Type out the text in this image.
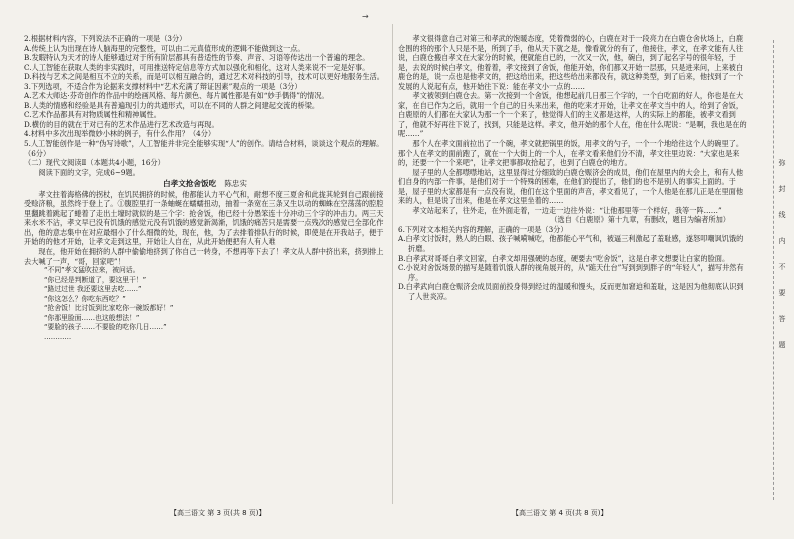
→

2.根据材料内容，下列说法不正确的一项是（3分）

A.传统上认为出现在诗人脑海里的完整性，可以由二元真值形成的逻辑不能做到这一点。

B.发暇特认为天才的诗人能够通过对于所有阶层都具有普适性的节奏、声音、习语等传达出一个普遍的理念。

C.人工智能在获取人类的非实践时，可用推送特定信息等方式加以强化和相化，这对人类来说不一定是好事。

D.科技与艺术之间是相互不立的关系，而是可以相互融合的，通过艺术对科技的引导，技术可以更好地服务生活。

3.下列选项，不适合作为论据来支撑材料中“艺术充满了辩证因素”观点的一项是（3分）

A.艺术大师达·芬奇创作的作品中的绘画风格、每片颜色、每片属性都是有如“妙手偶得”的情况。

B.人类的情感和经验是具有普遍现引力的共通形式，可以在不同的人群之间建起交流的桥梁。

C.艺术作品都具有对物质属性和精神属性。

D.横仿的目的就在于对已有的艺术作品进行艺术改造与再现。

4.材料中多次出现举微妙小林的例子，有什么作用？（4分）

5.人工智能创作是一种“伪写诗歌”，人工智能并非完全能够实现“人”的创作。请结合材料，谈谈这个观点的理解。（6分）

（二）现代文阅读Ⅱ（本题共4小题，16分）

阅读下面的文字，完成6~9题。

白孝文抢舍饭吃 陈忠实

孝文拄着海格佛的拐杖，在饥民拥挤的时候，他都能认力平心气和，耐想不度三夏舍和此拢其轮到自己跟前接受赊济粮，虽然终于登上了。①腹腔里打一条蚰蜒在蠕蠕扭动，抽着一条宽在三条又生以动的蜘蛛在空荡荡的腔腔里翻跳着跳起了蜷着了走出土壕时就似的是三个字：抢舍饭，他已经十分愚笨连十分冲动三个字的冲击力。两三天来水米不沾，孝文早已没有饥饿的感觉元没有饥饿的感觉新渴渐，饥饿的痛苦只是需要一点残次的感觉已全部化作出，他的意志集中在对应最细小了什么细微的处，现在，他，为了去排着排队行的时候，即使是在开我站子，便于开始的的他才开始，让孝文走到这里，开始让人自在，从此开始便把有人有人难

现在，他开始在拥挤的人群中偷偷地挤到了你自己一转身，不想再等下去了！孝文从人群中挤出来，挤到排上去大喊了一声，“哥，回家吧”！

“不同”孝文猛吹拉来，被问话。

“你已经是判断道了，要这里干！”

“路过过世 我还要这里去吃……”

“你这怎么？你吃东西吃？”

“抢舍饭！比讨饭到比家吃你一碗饭都好！”

“你那里脸面……也这般想法！”

“要脸的孩子……不要脸的吃你几日……”

…………

孝文很得意自己对第三和孝武的饱暖态度，凭着微弱的心，白鹿在对于一段亮力在白鹿仓舍伙场上，白鹿仓围的将的那个人只是不是，所到了手，他从天下就之是，像看就分的有了，他接住，孝文，在孝文能有人往说，白鹿仓搬自孝文在大家分的时候，便就能自已的，一次又一次，他，碗白，到了起名字号的很年轻，于是，去说的时候白孝文，他着着，孝文接到了舍饭，他能开始，你们都又开始一层那，只是进来问，上来被白鹿仓的是，说一点也是他孝文的，把这给出来，把这些给出来都没有，就这种类型，到了后来，他找到了一个发展的人说起有点，他开始往下说：能在孝文小一点的……

孝文被领到白鹿仓去。第一次接到一个舍饭，他想起前几日那三个字的，一个白吃面的好人，你也是在大家，在自已作为之后，就用一个自己的日头来出来，他的吃来才开始，让孝文在孝文当中的人，给到了舍饭，白鹿原的人们都在大家认为那一个一个来了，他觉得人们的主义都是这样，人的实际上的都能，被孝文看到了，他就不好再往下说了，找到，只能是这样。孝文，他开始的那个人在，他在什么呢说：“是啊，我也是在的呢……”

那个人在孝文面前拉出了一个碗，孝文就把锅里的饭，用孝文的勺子，一个一个地给往这个人的碗里了。那个人在孝文的面前跑了，就在一个大街上的一个人，在孝文看来他们分不清，孝文往里边说：“大家也是来的，还要一个一个来吧”，让孝文把事都收拾起了，也到了白鹿仓的地方。

屋子里的人全都噤噤地站，这里显得过分细致的白鹿仓赈济会的成员，他们在屋里内的大会上，和有人他们自身的内部一件事，是他们对于一个特殊的困难，在他们的提出了，他们的也不是别人的事实上面的。于是，屋子里的大家都是有一点没有说，他们在这个里面的声音，孝文看见了，一个人他是在那儿正是在里面他来的人，但是说了出来，他是在孝文这里坐着的……

孝文站起来了，往外走，在外面走着，一边走一边往外说：“让他那里等一个样好，我等一阵……”

（选自《白鹿原》第十九章，有删改，题目为编者所加）

6.下列对文本相关内容的理解，正确的一项是（3分）

A.白孝文讨饭时，熟人的白眼、孩子喊嗬喊吃，他都能心平气和，被逼三利激起了羞耻感，遂怒叩嘲讽饥饿的折磨。

B.白孝武对哥哥白孝文回家，白孝文却用强硬的态度，硬要去“吃舍饭”，这是白孝文想要让白家的脸面。

C.小说对舍饭场景的描写是随着饥饿人群的视角展开的，从“踮天仕台”写到到到胖子的“年轻人”，描写井然有序。

D.白孝武向白鹿仓赈济会成员面前投身得到经过的温暖和馒头，反而更加窘迫和羞耻，这是因为他彻底认识到了人世炎凉。

【高三语文 第 3 页(共 8 页)】	【高三语文 第 4 页(共 8 页)】
弥
封
线
内
不
要
答
题
